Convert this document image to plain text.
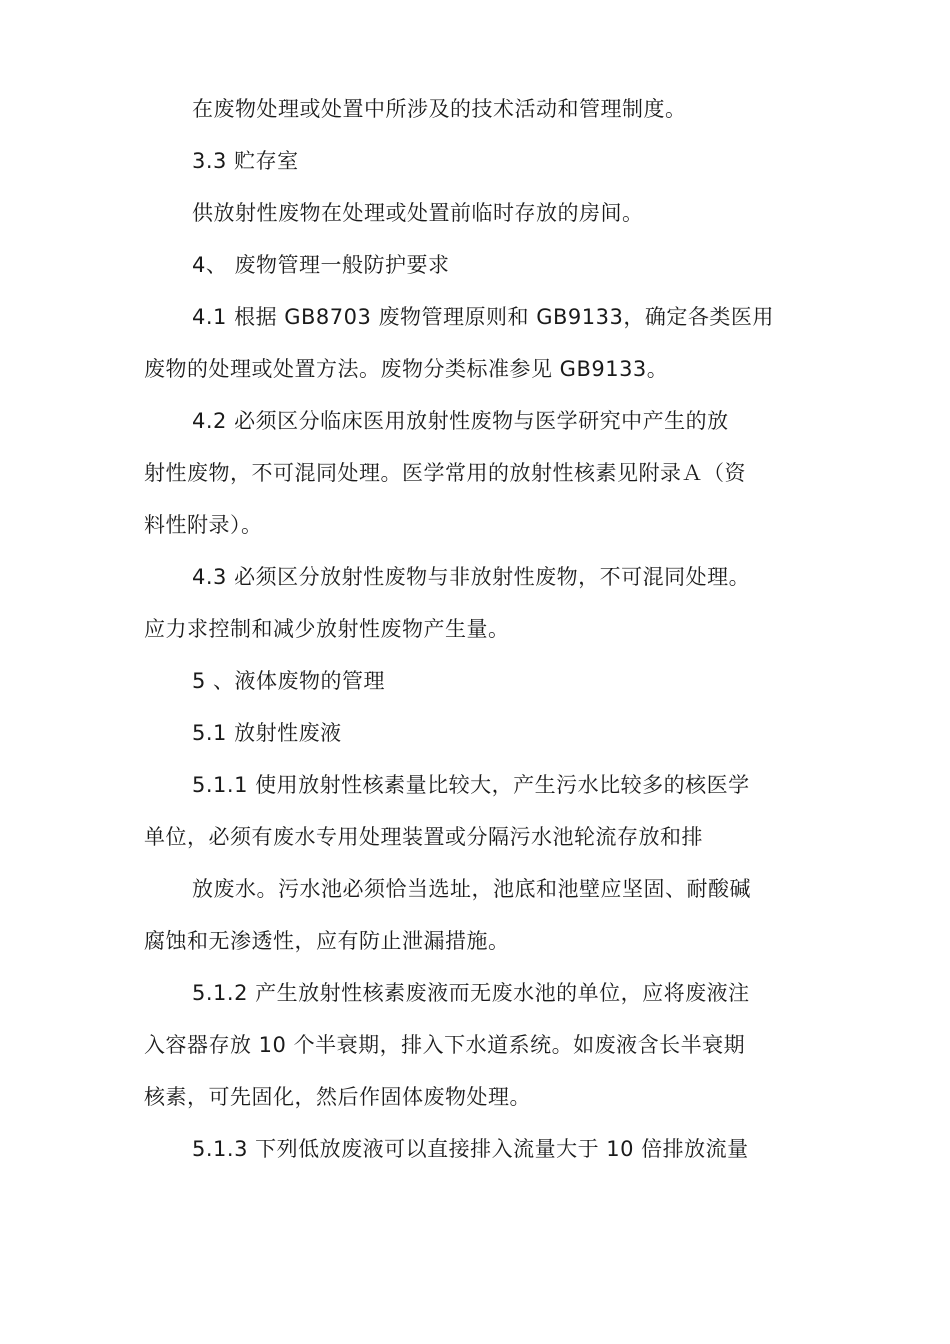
在废物处理或处置中所涉及的技术活动和管理制度。
3.3 贮存室
供放射性废物在处理或处置前临时存放的房间。
4、 废物管理一般防护要求
4.1 根据 GB8703 废物管理原则和 GB9133，确定各类医用
废物的处理或处置方法。废物分类标准参见 GB9133。
4.2 必须区分临床医用放射性废物与医学研究中产生的放
射性废物，不可混同处理。医学常用的放射性核素见附录Ａ（资
料性附录）。
4.3 必须区分放射性废物与非放射性废物，不可混同处理。
应力求控制和减少放射性废物产生量。
5 、液体废物的管理
5.1 放射性废液
5.1.1 使用放射性核素量比较大，产生污水比较多的核医学
单位，必须有废水专用处理装置或分隔污水池轮流存放和排
放废水。污水池必须恰当选址，池底和池壁应坚固、耐酸碱
腐蚀和无渗透性，应有防止泄漏措施。
5.1.2 产生放射性核素废液而无废水池的单位，应将废液注
入容器存放 10 个半衰期，排入下水道系统。如废液含长半衰期
核素，可先固化，然后作固体废物处理。
5.1.3 下列低放废液可以直接排入流量大于 10 倍排放流量
